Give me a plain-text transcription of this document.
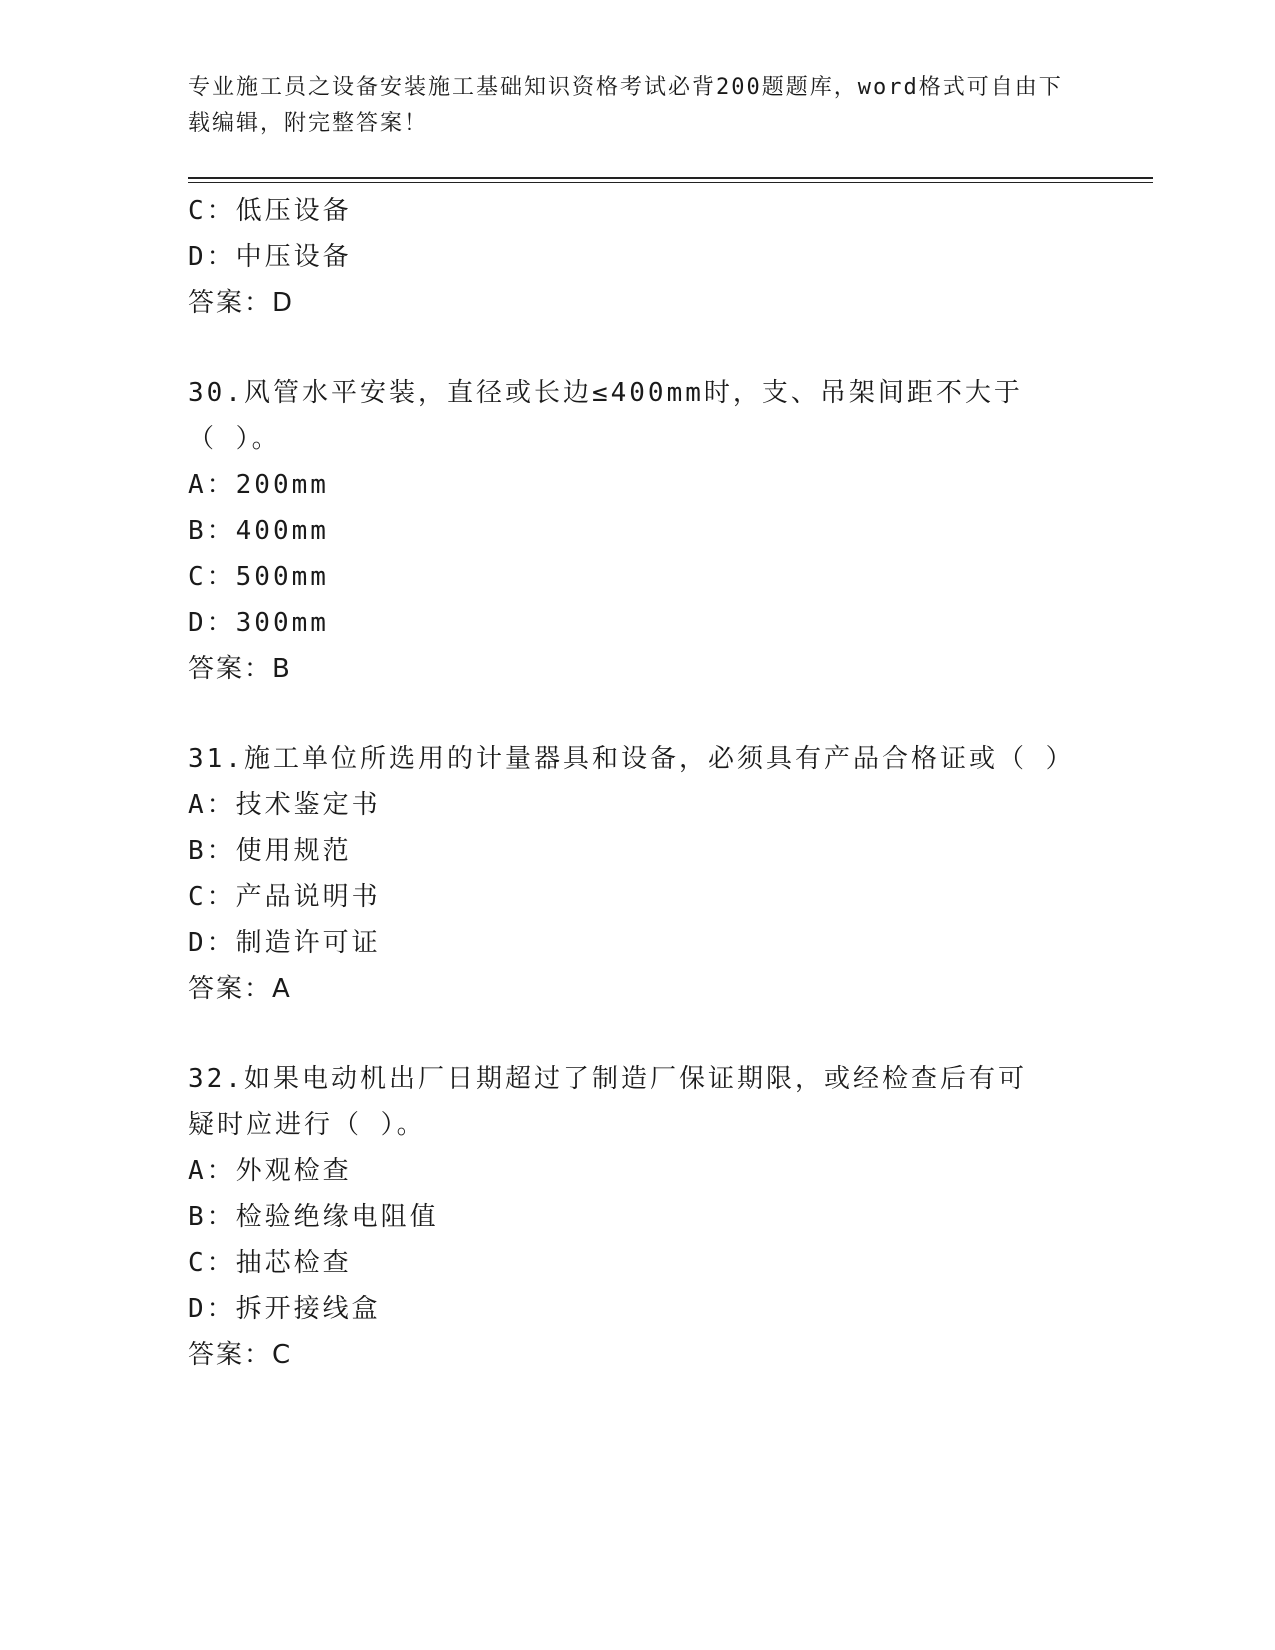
专业施工员之设备安装施工基础知识资格考试必背200题题库，word格式可自由下载编辑，附完整答案！
C：低压设备
D：中压设备
答案：D
30.风管水平安装，直径或长边≤400mm时，支、吊架间距不大于（ ）。
A：200mm
B：400mm
C：500mm
D：300mm
答案：B
31.施工单位所选用的计量器具和设备，必须具有产品合格证或（ ）
A：技术鉴定书
B：使用规范
C：产品说明书
D：制造许可证
答案：A
32.如果电动机出厂日期超过了制造厂保证期限，或经检查后有可疑时应进行（ ）。
A：外观检查
B：检验绝缘电阻值
C：抽芯检查
D：拆开接线盒
答案：C
